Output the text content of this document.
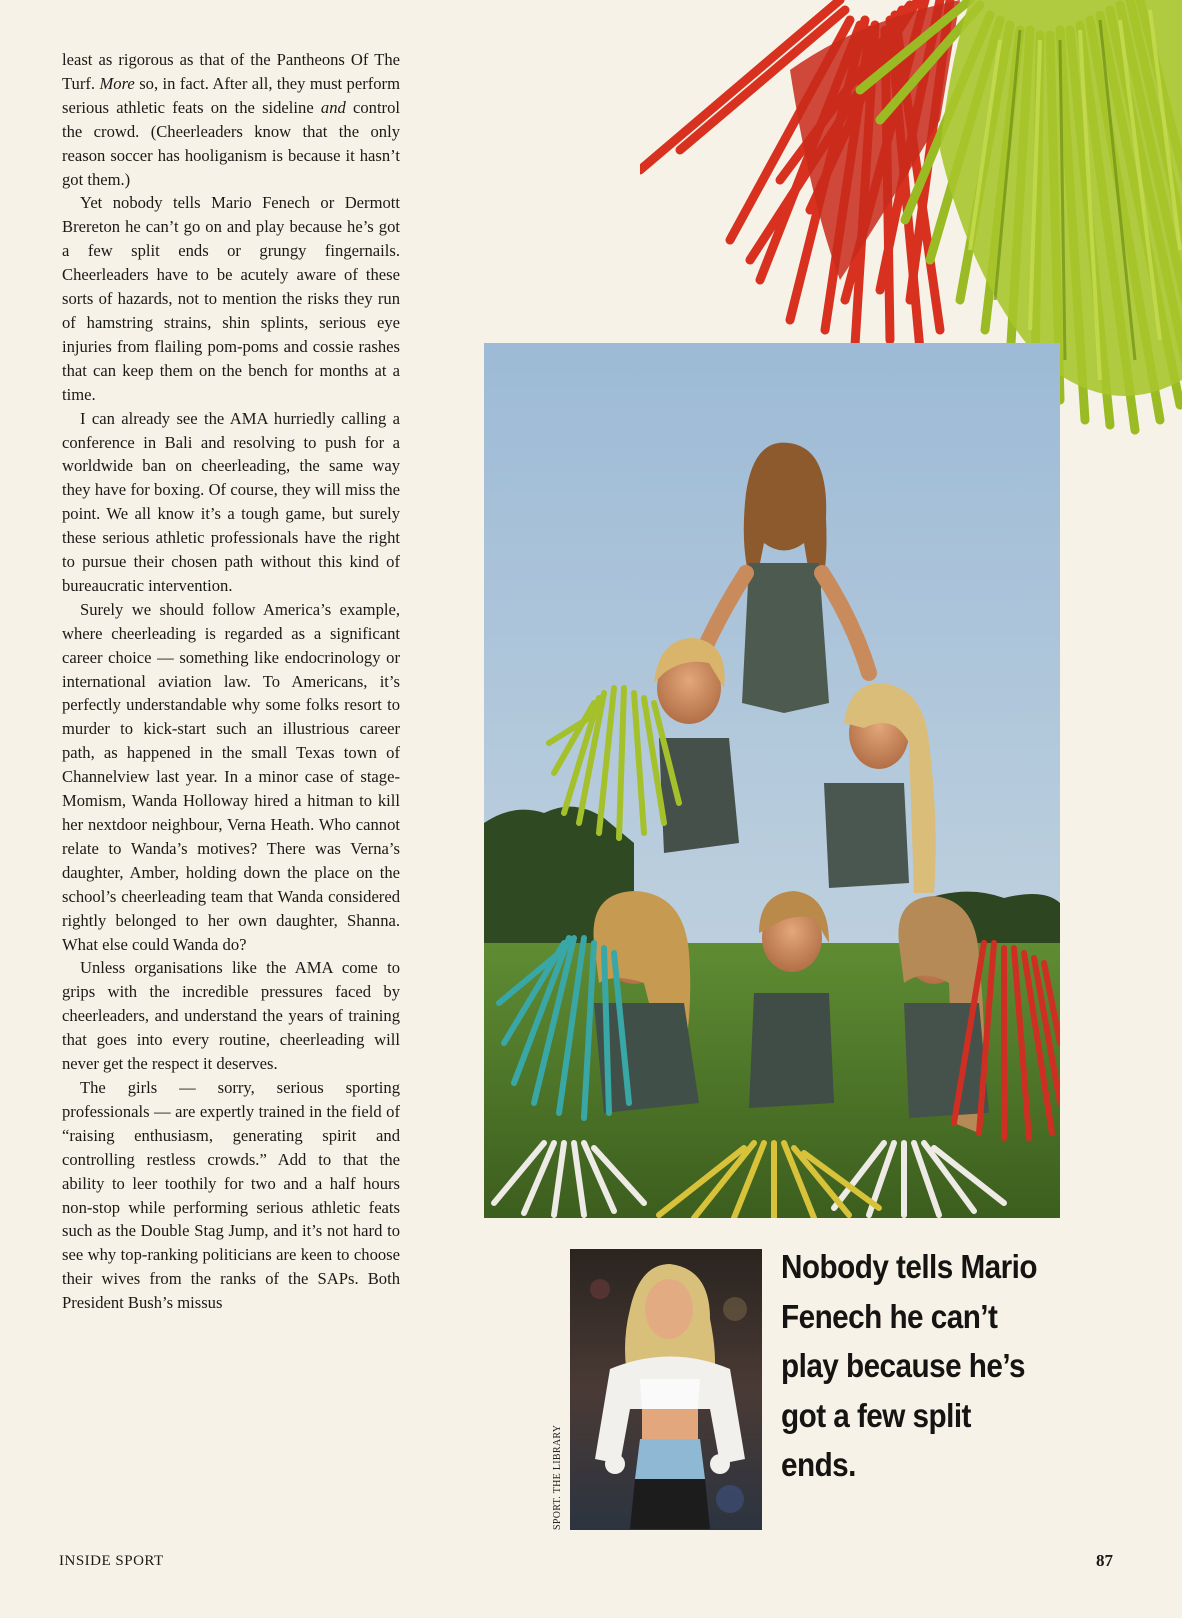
least as rigorous as that of the Pantheons Of The Turf. More so, in fact. After all, they must perform serious athletic feats on the sideline and control the crowd. (Cheerleaders know that the only reason soccer has hooliganism is because it hasn’t got them.)

Yet nobody tells Mario Fenech or Dermott Brereton he can’t go on and play because he’s got a few split ends or grungy fingernails. Cheerleaders have to be acutely aware of these sorts of hazards, not to mention the risks they run of hamstring strains, shin splints, serious eye injuries from flailing pom-poms and cossie rashes that can keep them on the bench for months at a time.

I can already see the AMA hurriedly calling a conference in Bali and resolving to push for a worldwide ban on cheerleading, the same way they have for boxing. Of course, they will miss the point. We all know it’s a tough game, but surely these serious athletic professionals have the right to pursue their chosen path without this kind of bureaucratic intervention.

Surely we should follow America’s example, where cheerleading is regarded as a significant career choice — something like endocrinology or international aviation law. To Americans, it’s perfectly understandable why some folks resort to murder to kick-start such an illustrious career path, as happened in the small Texas town of Channelview last year. In a minor case of stage-Momism, Wanda Holloway hired a hitman to kill her nextdoor neighbour, Verna Heath. Who cannot relate to Wanda’s motives? There was Verna’s daughter, Amber, holding down the place on the school’s cheerleading team that Wanda considered rightly belonged to her own daughter, Shanna. What else could Wanda do?

Unless organisations like the AMA come to grips with the incredible pressures faced by cheerleaders, and understand the years of training that goes into every routine, cheerleading will never get the respect it deserves.

The girls — sorry, serious sporting professionals — are expertly trained in the field of “raising enthusiasm, generating spirit and controlling restless crowds.” Add to that the ability to leer toothily for two and a half hours non-stop while performing serious athletic feats such as the Double Stag Jump, and it’s not hard to see why top-ranking politicians are keen to choose their wives from the ranks of the SAPs. Both President Bush’s missus

SPORT. THE LIBRARY
Nobody tells Mario Fenech he can’t play because he’s got a few split ends.
INSIDE SPORT	87
